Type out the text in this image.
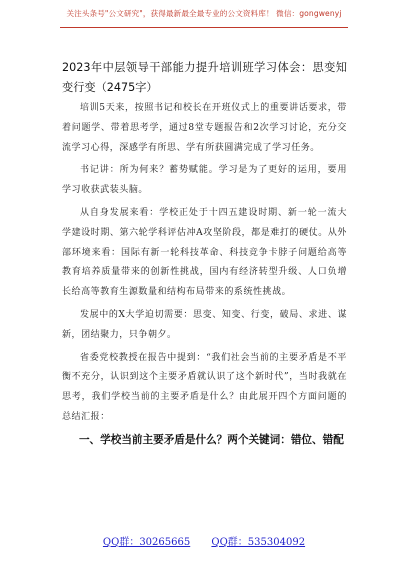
关注头条号"公文研究"，获得最新最全最专业的公文资料库！ 微信：gongwenyj
2023年中层领导干部能力提升培训班学习体会：思变知变行变（2475字）

培训5天来，按照书记和校长在开班仪式上的重要讲话要求，带着问题学、带着思考学，通过8堂专题报告和2次学习讨论，充分交流学习心得，深感学有所思、学有所获圆满完成了学习任务。

书记讲：所为何来？蓄势赋能。学习是为了更好的运用，要用学习收获武装头脑。

从自身发展来看：学校正处于十四五建设时期、新一轮一流大学建设时期、第六轮学科评估冲A攻坚阶段，都是难打的硬仗。从外部环境来看：国际有新一轮科技革命、科技竞争卡脖子问题给高等教育培养质量带来的创新性挑战，国内有经济转型升级、人口负增长给高等教育生源数量和结构布局带来的系统性挑战。

发展中的X大学迫切需要：思变、知变、行变，破局、求进、谋新，团结聚力，只争朝夕。

省委党校教授在报告中提到：“我们社会当前的主要矛盾是不平衡不充分，认识到这个主要矛盾就认识了这个新时代”，当时我就在思考，我们学校当前的主要矛盾是什么？由此展开四个方面问题的总结汇报：

一、学校当前主要矛盾是什么？两个关键词：错位、错配

QQ群：30265665 QQ群：535304092
